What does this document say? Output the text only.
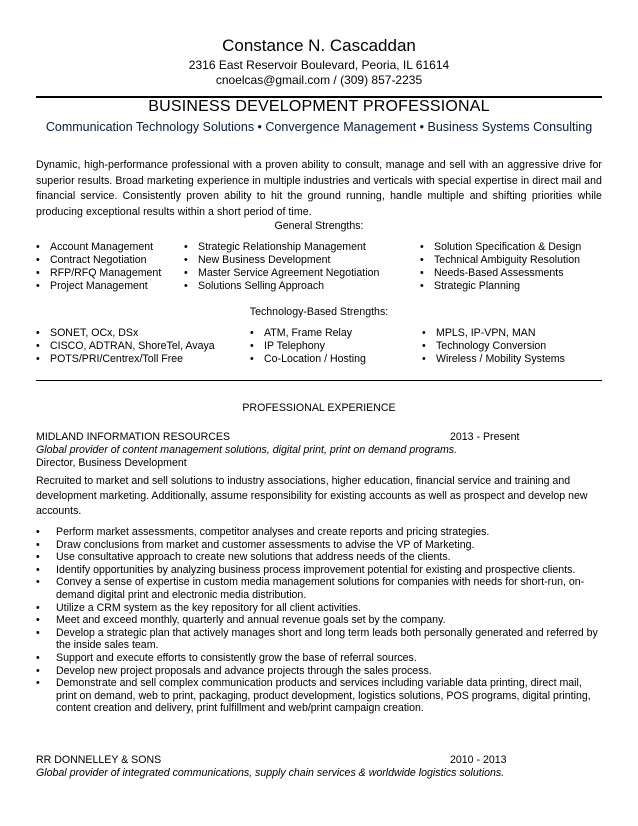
Constance N. Cascaddan
2316 East Reservoir Boulevard, Peoria, IL 61614
cnoelcas@gmail.com / (309) 857-2235
BUSINESS DEVELOPMENT PROFESSIONAL
Communication Technology Solutions • Convergence Management • Business Systems Consulting
Dynamic, high-performance professional with a proven ability to consult, manage and sell with an aggressive drive for superior results. Broad marketing experience in multiple industries and verticals with special expertise in direct mail and financial service. Consistently proven ability to hit the ground running, handle multiple and shifting priorities while producing exceptional results within a short period of time.
General Strengths:
• Account Management
• Contract Negotiation
• RFP/RFQ Management
• Project Management
• Strategic Relationship Management
• New Business Development
• Master Service Agreement Negotiation
• Solutions Selling Approach
• Solution Specification & Design
• Technical Ambiguity Resolution
• Needs-Based Assessments
• Strategic Planning
Technology-Based Strengths:
• SONET, OCx, DSx
• CISCO, ADTRAN, ShoreTel, Avaya
• POTS/PRI/Centrex/Toll Free
• ATM, Frame Relay
• IP Telephony
• Co-Location / Hosting
• MPLS, IP-VPN, MAN
• Technology Conversion
• Wireless / Mobility Systems
PROFESSIONAL EXPERIENCE
MIDLAND INFORMATION RESOURCES	2013 - Present
Global provider of content management solutions, digital print, print on demand programs.
Director, Business Development
Recruited to market and sell solutions to industry associations, higher education, financial service and training and development marketing. Additionally, assume responsibility for existing accounts as well as prospect and develop new accounts.
• Perform market assessments, competitor analyses and create reports and pricing strategies.
• Draw conclusions from market and customer assessments to advise the VP of Marketing.
• Use consultative approach to create new solutions that address needs of the clients.
• Identify opportunities by analyzing business process improvement potential for existing and prospective clients.
• Convey a sense of expertise in custom media management solutions for companies with needs for short-run, on-demand digital print and electronic media distribution.
• Utilize a CRM system as the key repository for all client activities.
• Meet and exceed monthly, quarterly and annual revenue goals set by the company.
• Develop a strategic plan that actively manages short and long term leads both personally generated and referred by the inside sales team.
• Support and execute efforts to consistently grow the base of referral sources.
• Develop new project proposals and advance projects through the sales process.
• Demonstrate and sell complex communication products and services including variable data printing, direct mail, print on demand, web to print, packaging, product development, logistics solutions, POS programs, digital printing, content creation and delivery, print fulfillment and web/print campaign creation.
RR DONNELLEY & SONS	2010 - 2013
Global provider of integrated communications, supply chain services & worldwide logistics solutions.
